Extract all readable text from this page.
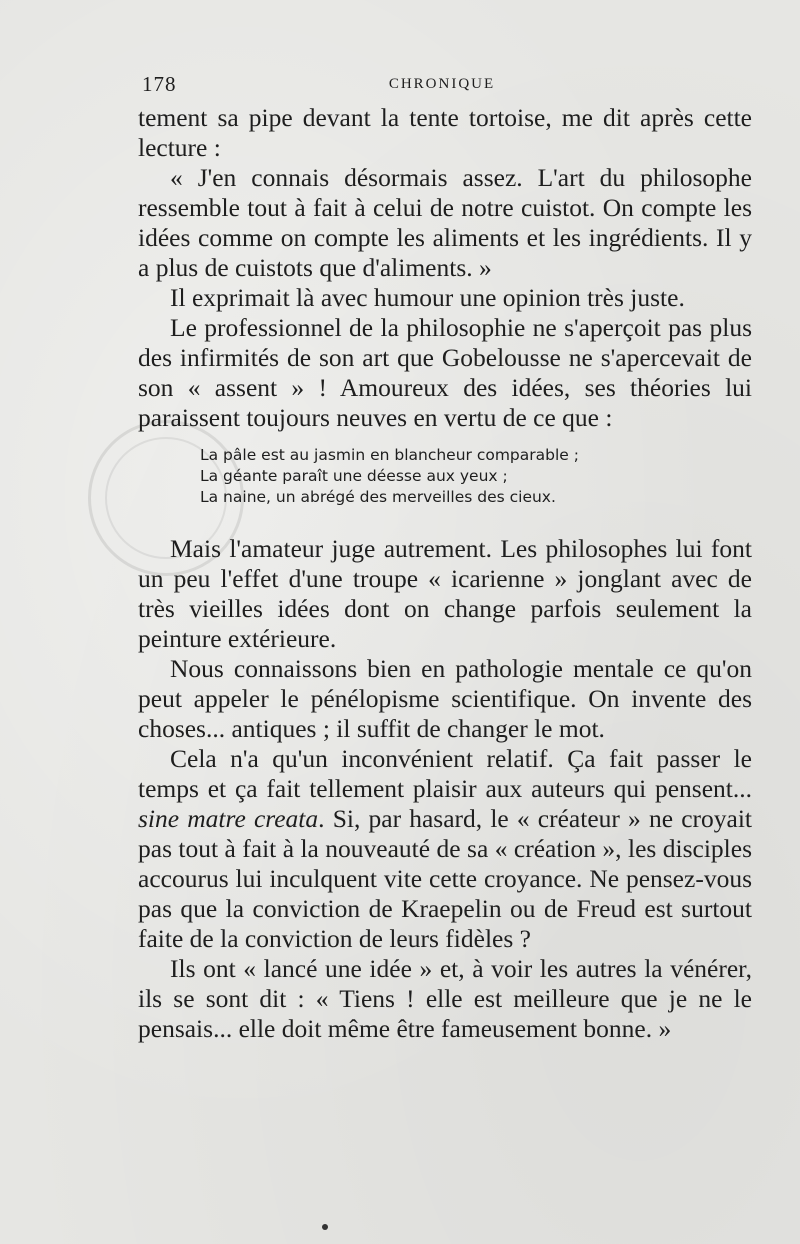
178	CHRONIQUE

tement sa pipe devant la tente tortoise, me dit après cette lecture :

« J'en connais désormais assez. L'art du philosophe ressemble tout à fait à celui de notre cuistot. On compte les idées comme on compte les aliments et les ingrédients. Il y a plus de cuistots que d'aliments. »

Il exprimait là avec humour une opinion très juste.

Le professionnel de la philosophie ne s'aperçoit pas plus des infirmités de son art que Gobelousse ne s'apercevait de son « assent » ! Amoureux des idées, ses théories lui paraissent toujours neuves en vertu de ce que :

La pâle est au jasmin en blancheur comparable ;
La géante paraît une déesse aux yeux ;
La naine, un abrégé des merveilles des cieux.

Mais l'amateur juge autrement. Les philosophes lui font un peu l'effet d'une troupe « icarienne » jonglant avec de très vieilles idées dont on change parfois seulement la peinture extérieure.

Nous connaissons bien en pathologie mentale ce qu'on peut appeler le pénélopisme scientifique. On invente des choses... antiques ; il suffit de changer le mot.

Cela n'a qu'un inconvénient relatif. Ça fait passer le temps et ça fait tellement plaisir aux auteurs qui pensent... sine matre creata. Si, par hasard, le « créateur » ne croyait pas tout à fait à la nouveauté de sa « création », les disciples accourus lui inculquent vite cette croyance. Ne pensez-vous pas que la conviction de Kraepelin ou de Freud est surtout faite de la conviction de leurs fidèles ?

Ils ont « lancé une idée » et, à voir les autres la vénérer, ils se sont dit : « Tiens ! elle est meilleure que je ne le pensais... elle doit même être fameusement bonne. »
